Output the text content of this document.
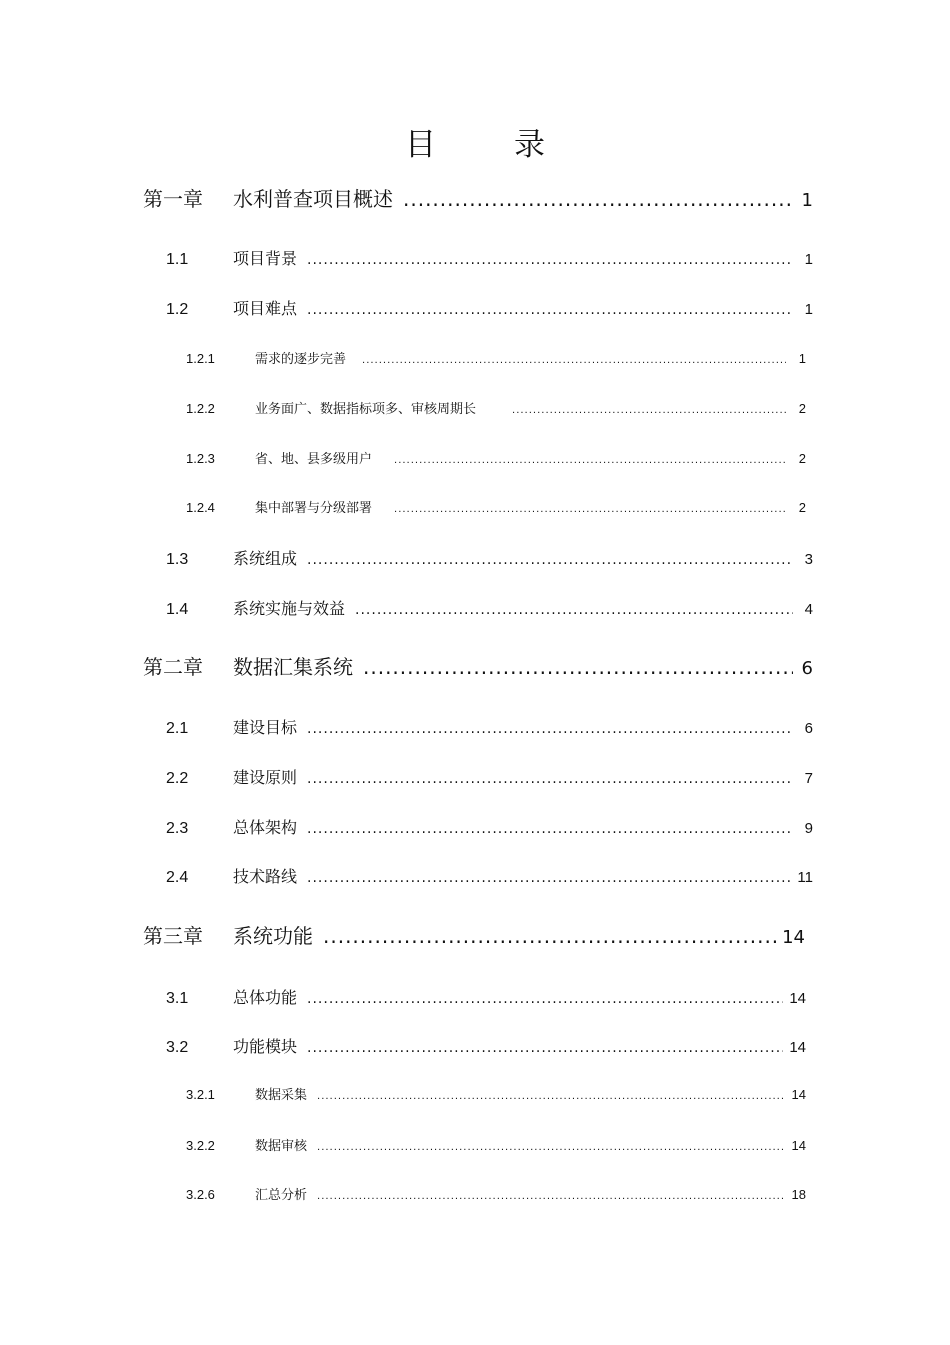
目	录
第一章	水利普查项目概述 .....	1
1.1	项目背景 .....	1
1.2	项目难点 .....	1
1.2.1	需求的逐步完善 .....	1
1.2.2	业务面广、数据指标项多、审核周期长 .....	2
1.2.3	省、地、县多级用户 .....	2
1.2.4	集中部署与分级部署 .....	2
1.3	系统组成 .....	3
1.4	系统实施与效益 .....	4
第二章	数据汇集系统 .....	6
2.1	建设目标 .....	6
2.2	建设原则 .....	7
2.3	总体架构 .....	9
2.4	技术路线 .....	11
第三章	系统功能 .....	14
3.1	总体功能 .....	14
3.2	功能模块 .....	14
3.2.1	数据采集 .....	14
3.2.2	数据审核 .....	14
3.2.6	汇总分析 .....	18
